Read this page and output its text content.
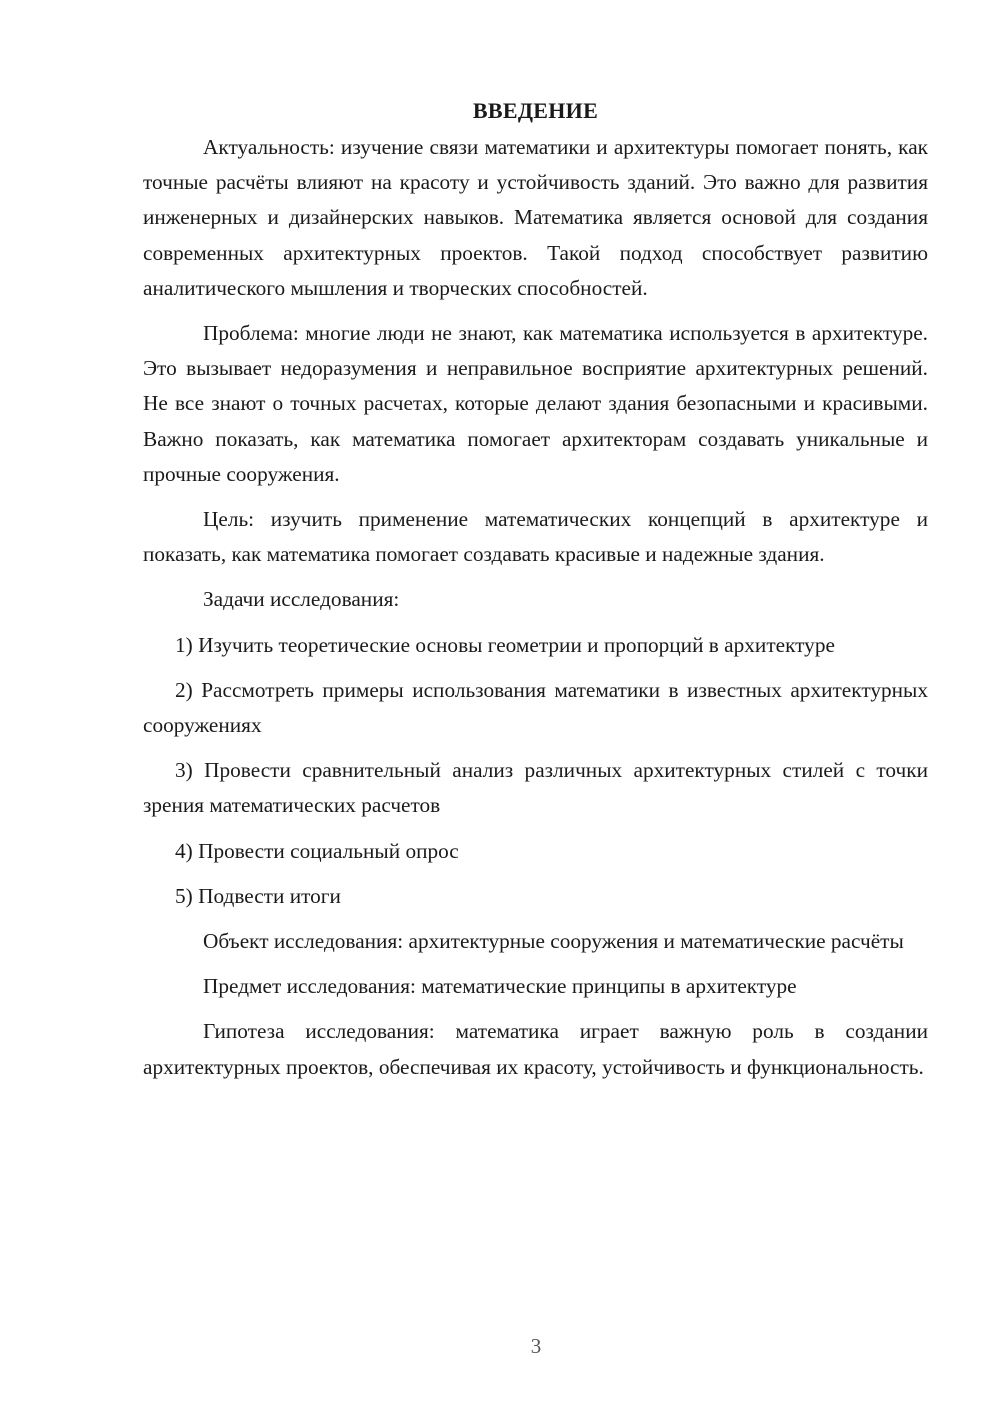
ВВЕДЕНИЕ

Актуальность: изучение связи математики и архитектуры помогает понять, как точные расчёты влияют на красоту и устойчивость зданий. Это важно для развития инженерных и дизайнерских навыков. Математика является основой для создания современных архитектурных проектов. Такой подход способствует развитию аналитического мышления и творческих способностей.

Проблема: многие люди не знают, как математика используется в архитектуре. Это вызывает недоразумения и неправильное восприятие архитектурных решений. Не все знают о точных расчетах, которые делают здания безопасными и красивыми. Важно показать, как математика помогает архитекторам создавать уникальные и прочные сооружения.

Цель: изучить применение математических концепций в архитектуре и показать, как математика помогает создавать красивые и надежные здания.

Задачи исследования:

1) Изучить теоретические основы геометрии и пропорций в архитектуре

2) Рассмотреть примеры использования математики в известных архитектурных сооружениях

3) Провести сравнительный анализ различных архитектурных стилей с точки зрения математических расчетов

4) Провести социальный опрос

5) Подвести итоги

Объект исследования: архитектурные сооружения и математические расчёты

Предмет исследования: математические принципы в архитектуре

Гипотеза исследования: математика играет важную роль в создании архитектурных проектов, обеспечивая их красоту, устойчивость и функциональность.

3
